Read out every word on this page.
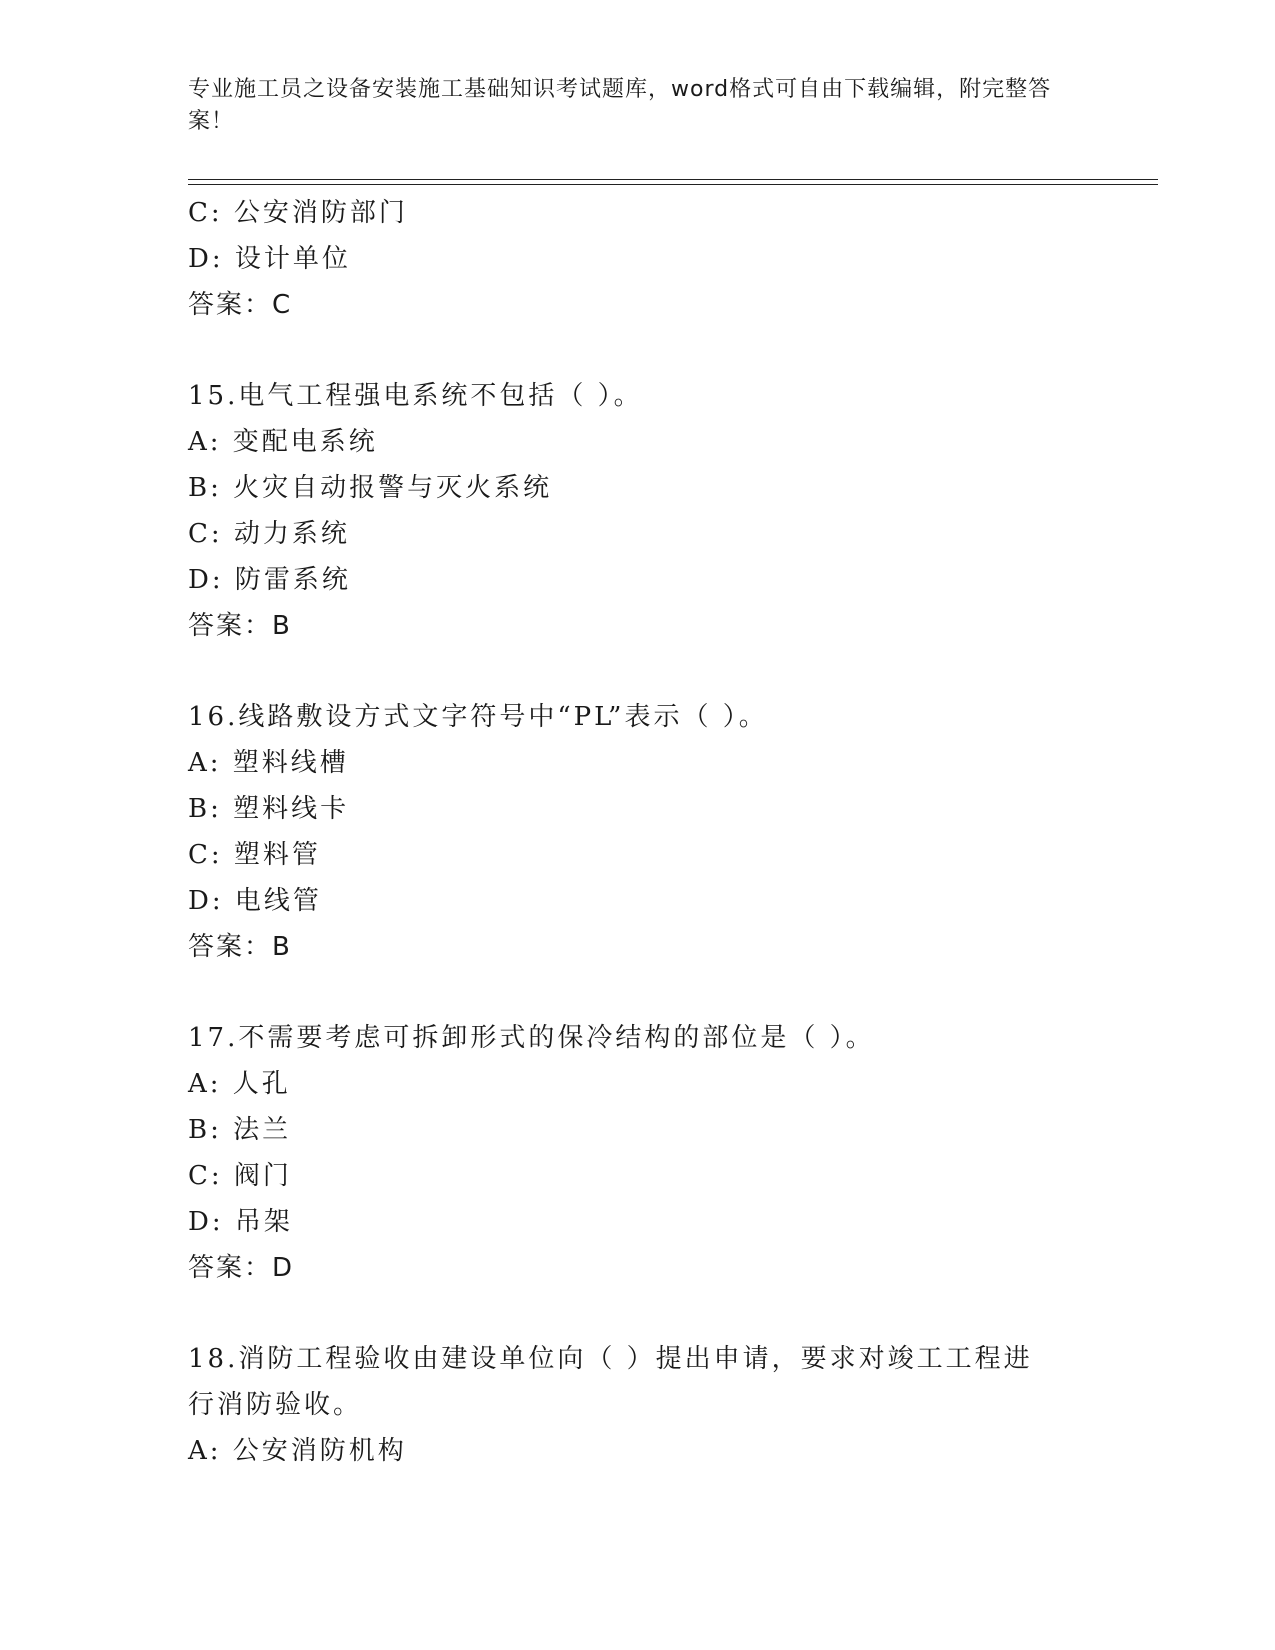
专业施工员之设备安装施工基础知识考试题库，word格式可自由下载编辑，附完整答案！
C: 公安消防部门
D: 设计单位
答案：C
15.电气工程强电系统不包括（ ）。
A: 变配电系统
B: 火灾自动报警与灭火系统
C: 动力系统
D: 防雷系统
答案：B
16.线路敷设方式文字符号中“PL”表示（ ）。
A: 塑料线槽
B: 塑料线卡
C: 塑料管
D: 电线管
答案：B
17.不需要考虑可拆卸形式的保冷结构的部位是（ ）。
A: 人孔
B: 法兰
C: 阀门
D: 吊架
答案：D
18.消防工程验收由建设单位向（ ）提出申请，要求对竣工工程进行消防验收。
A: 公安消防机构
